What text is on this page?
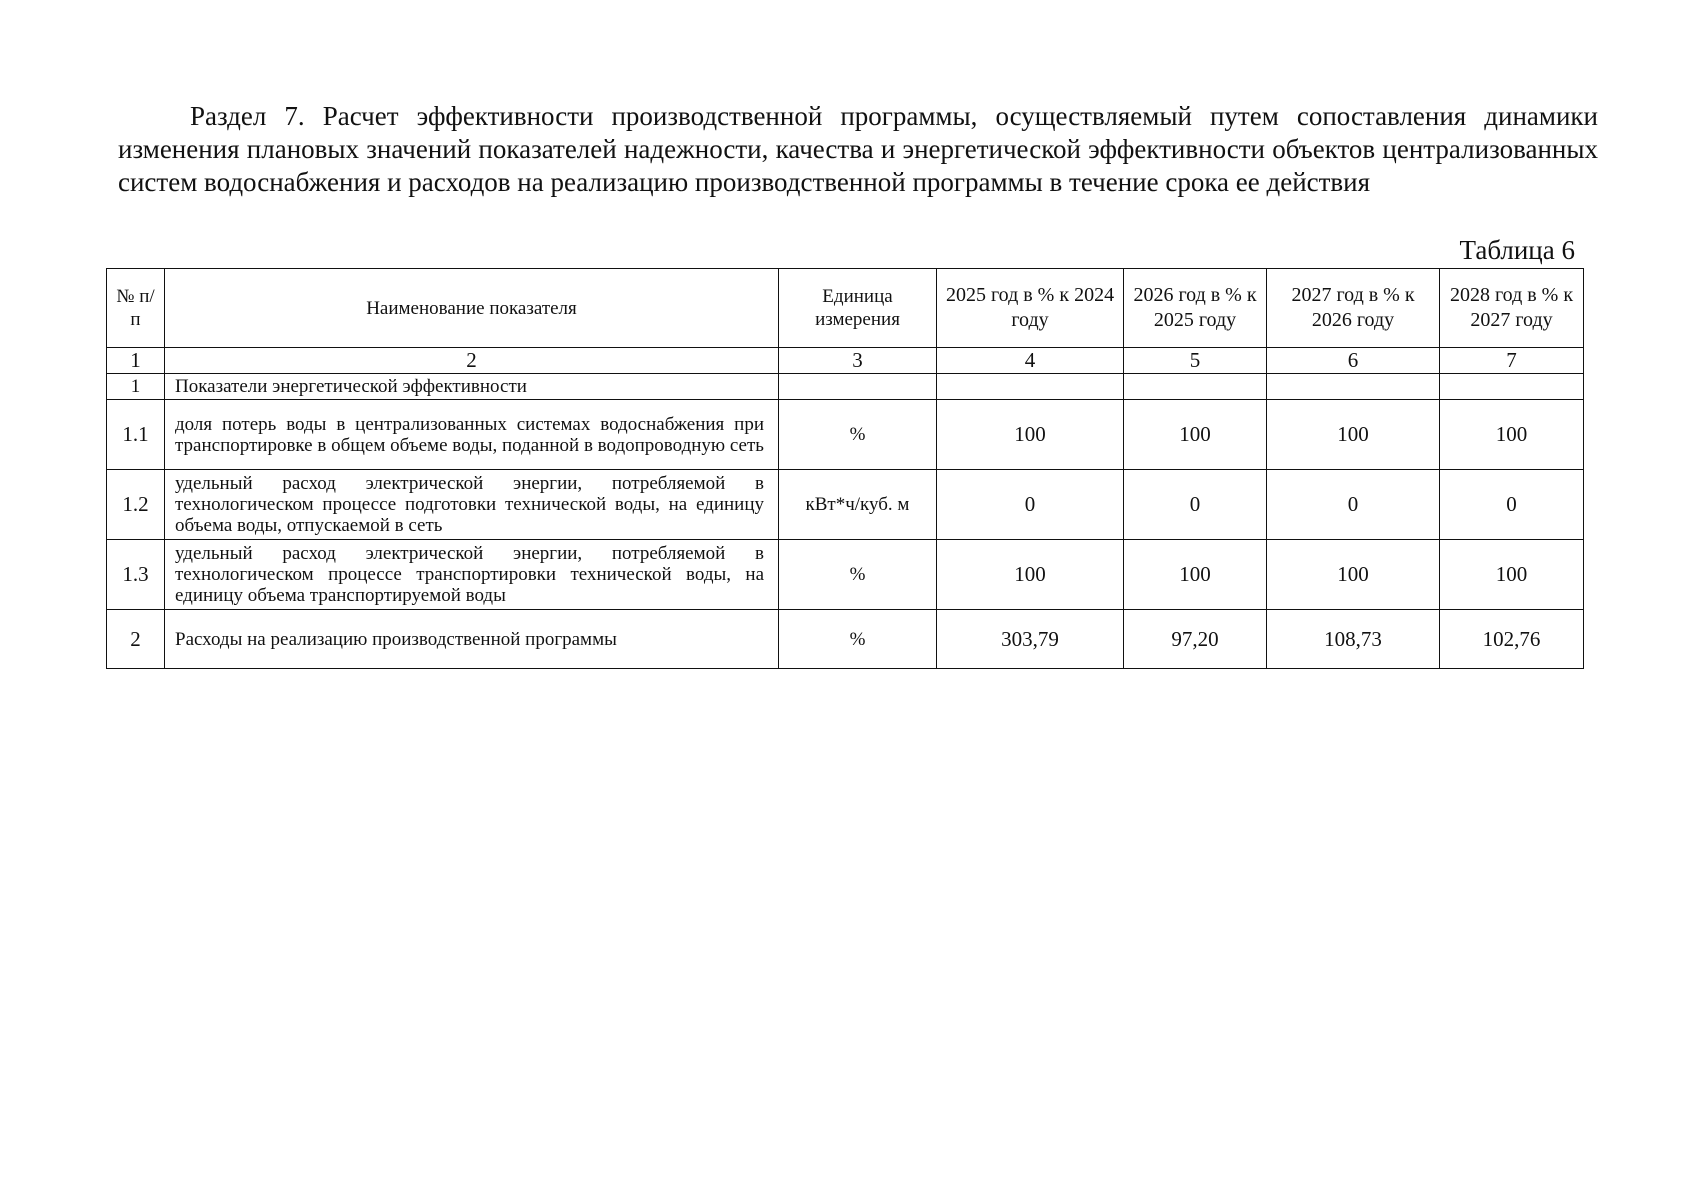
Раздел 7. Расчет эффективности производственной программы, осуществляемый путем сопоставления динамики изменения плановых значений показателей надежности, качества и энергетической эффективности объектов централизованных систем водоснабжения и расходов на реализацию производственной программы в течение срока ее действия

Таблица 6
№ п/п	Наименование показателя	Единица измерения	2025 год в % к 2024 году	2026 год в % к 2025 году	2027 год в % к 2026 году	2028 год в % к 2027 году
1	2	3	4	5	6	7
1	Показатели энергетической эффективности					
1.1	доля потерь воды в централизованных системах водоснабжения при транспортировке в общем объеме воды, поданной в водопроводную сеть	%	100	100	100	100
1.2	удельный расход электрической энергии, потребляемой в технологическом процессе подготовки технической воды, на единицу объема воды, отпускаемой в сеть	кВт*ч/куб. м	0	0	0	0
1.3	удельный расход электрической энергии, потребляемой в технологическом процессе транспортировки технической воды, на единицу объема транспортируемой воды	%	100	100	100	100
2	Расходы на реализацию производственной программы	%	303,79	97,20	108,73	102,76
